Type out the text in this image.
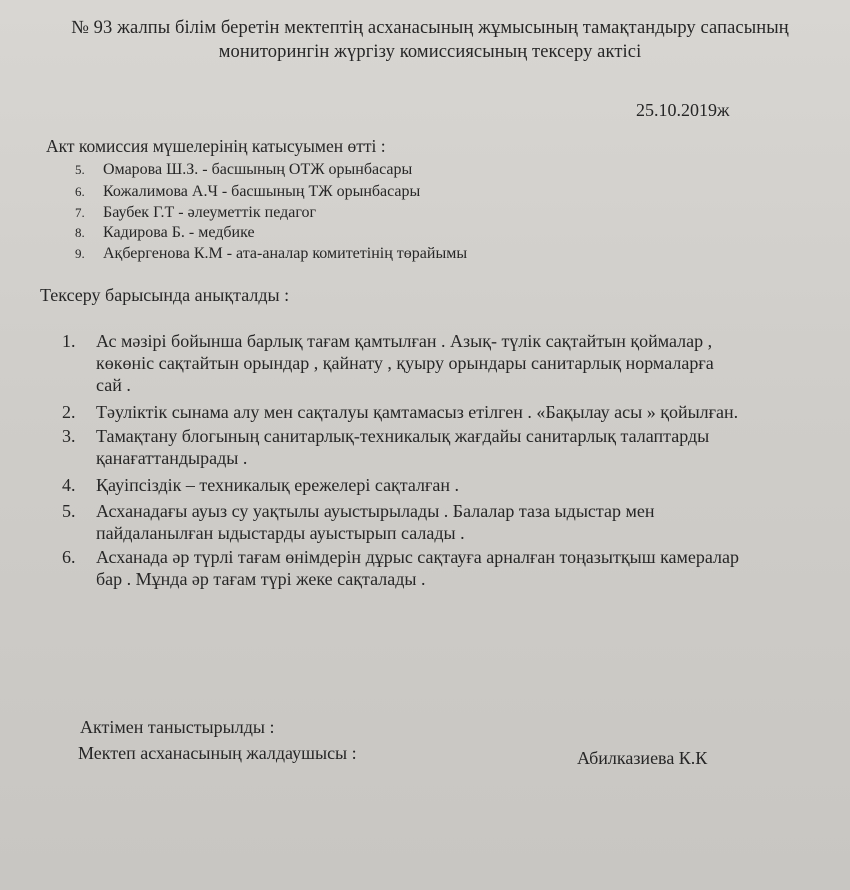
№ 93 жалпы білім беретін мектептің асханасының жұмысының тамақтандыру сапасының
мониторингін жүргізу комиссиясының тексеру актісі
25.10.2019ж
Акт комиссия мүшелерінің катысуымен өтті :
5. Омарова Ш.З. - басшының ОТЖ орынбасары
6. Кожалимова А.Ч - басшының ТЖ орынбасары
7. Баубек Г.Т - әлеуметтік педагог
8. Кадирова Б. - медбике
9. Ақбергенова К.М - ата-аналар комитетінің төрайымы
Тексеру барысында анықталды :
1.	Ас мәзірі бойынша барлық тағам қамтылған . Азық- түлік сақтайтын қоймалар ,
көкөніс сақтайтын орындар , қайнату , қуыру орындары санитарлық нормаларға
сай .
2.	Тәуліктік сынама алу мен сақталуы қамтамасыз етілген . «Бақылау асы » қойылған.
3.	Тамақтану блогының санитарлық-техникалық жағдайы санитарлық талаптарды
қанағаттандырады .
4.	Қауіпсіздік – техникалық ережелері сақталған .
5.	Асханадағы ауыз су уақтылы ауыстырылады . Балалар таза ыдыстар мен
пайдаланылған ыдыстарды ауыстырып салады .
6.	Асханада әр түрлі тағам өнімдерін дұрыс сақтауға арналған тоңазытқыш камералар
бар . Мұнда әр тағам түрі жеке сақталады .
Актімен таныстырылды :
Мектеп асханасының жалдаушысы :	Абилказиева К.К
